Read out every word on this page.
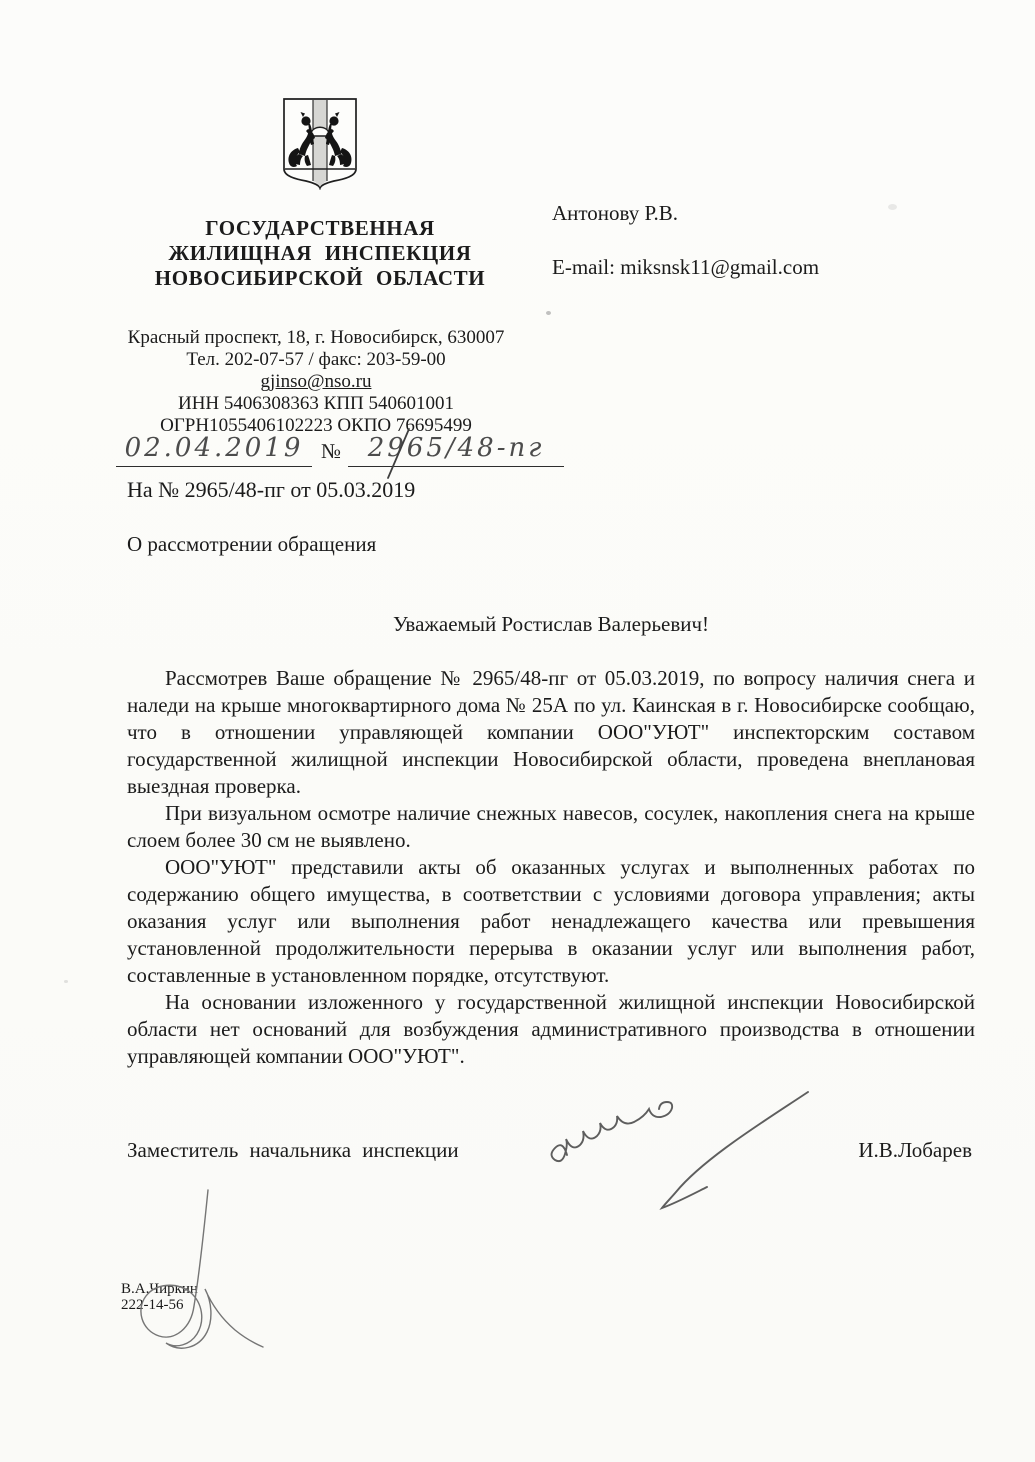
ГОСУДАРСТВЕННАЯ
ЖИЛИЩНАЯ ИНСПЕКЦИЯ
НОВОСИБИРСКОЙ ОБЛАСТИ
Антонову Р.В.
E-mail: miksnsk11@gmail.com
Красный проспект, 18, г. Новосибирск, 630007
Тел. 202-07-57 / факс: 203-59-00
gjinso@nso.ru
ИНН 5406308363 КПП 540601001
ОГРН1055406102223 ОКПО 76695499
02.04.2019 №	2965/48-пг
На № 2965/48-пг от 05.03.2019
О рассмотрении обращения
Уважаемый Ростислав Валерьевич!

Рассмотрев Ваше обращение № 2965/48-пг от 05.03.2019, по вопросу наличия снега и наледи на крыше многоквартирного дома № 25А по ул. Каинская в г. Новосибирске сообщаю, что в отношении управляющей компании ООО"УЮТ" инспекторским составом государственной жилищной инспекции Новосибирской области, проведена внеплановая выездная проверка.

При визуальном осмотре наличие снежных навесов, сосулек, накопления снега на крыше слоем более 30 см не выявлено.

ООО"УЮТ" представили акты об оказанных услугах и выполненных работах по содержанию общего имущества, в соответствии с условиями договора управления; акты оказания услуг или выполнения работ ненадлежащего качества или превышения установленной продолжительности перерыва в оказании услуг или выполнения работ, составленные в установленном порядке, отсутствуют.

На основании изложенного у государственной жилищной инспекции Новосибирской области нет оснований для возбуждения административного производства в отношении управляющей компании ООО"УЮТ".

Заместитель начальника инспекции	И.В.Лобарев
В.А.Чиркин
222-14-56
